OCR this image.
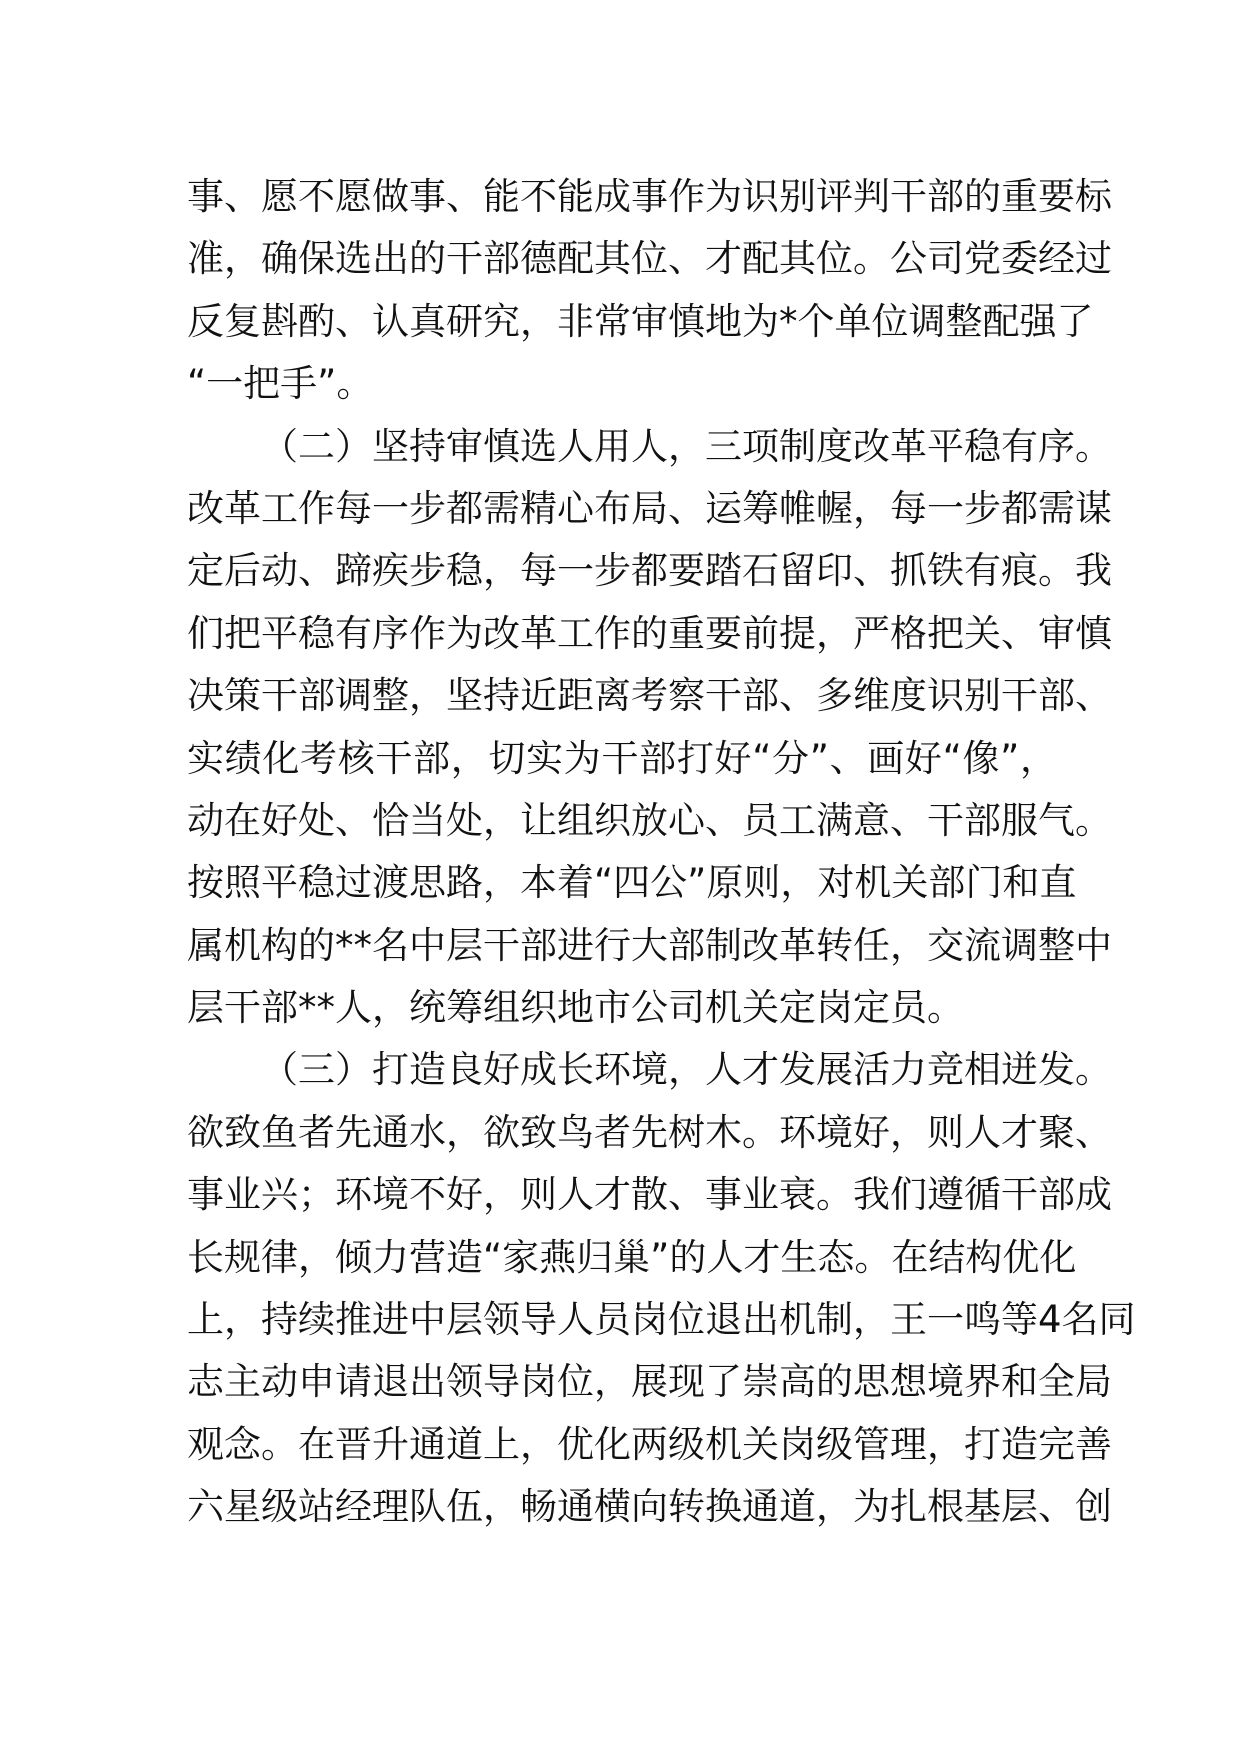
事、愿不愿做事、能不能成事作为识别评判干部的重要标
准，确保选出的干部德配其位、才配其位。公司党委经过
反复斟酌、认真研究，非常审慎地为*个单位调整配强了
“一把手”。
（二）坚持审慎选人用人，三项制度改革平稳有序。
改革工作每一步都需精心布局、运筹帷幄，每一步都需谋
定后动、蹄疾步稳，每一步都要踏石留印、抓铁有痕。我
们把平稳有序作为改革工作的重要前提，严格把关、审慎
决策干部调整，坚持近距离考察干部、多维度识别干部、
实绩化考核干部，切实为干部打好“分”、画好“像”，
动在好处、恰当处，让组织放心、员工满意、干部服气。
按照平稳过渡思路，本着“四公”原则，对机关部门和直
属机构的**名中层干部进行大部制改革转任，交流调整中
层干部**人，统筹组织地市公司机关定岗定员。
（三）打造良好成长环境，人才发展活力竞相迸发。
欲致鱼者先通水，欲致鸟者先树木。环境好，则人才聚、
事业兴；环境不好，则人才散、事业衰。我们遵循干部成
长规律，倾力营造“家燕归巢”的人才生态。在结构优化
上，持续推进中层领导人员岗位退出机制，王一鸣等4名同
志主动申请退出领导岗位，展现了崇高的思想境界和全局
观念。在晋升通道上，优化两级机关岗级管理，打造完善
六星级站经理队伍，畅通横向转换通道，为扎根基层、创
